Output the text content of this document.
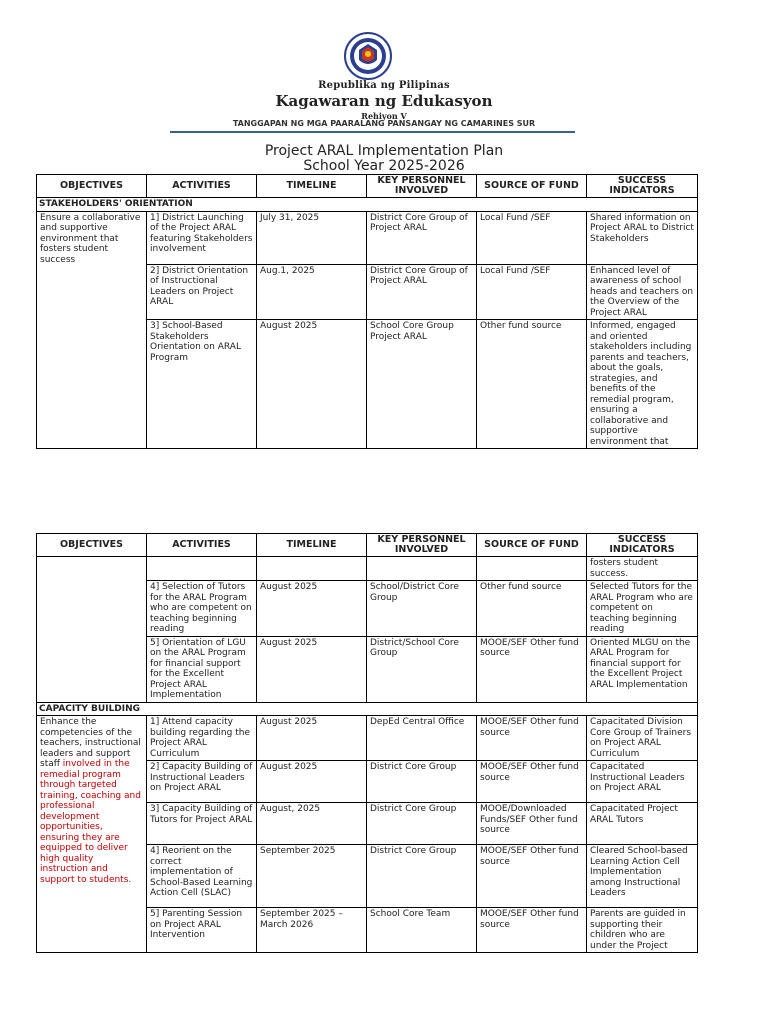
Republika ng Pilipinas
Kagawaran ng Edukasyon
Rehiyon V
TANGGAPAN NG MGA PAARALANG PANSANGAY NG CAMARINES SUR
Project ARAL Implementation Plan
School Year 2025-2026
OBJECTIVES	ACTIVITIES	TIMELINE	KEY PERSONNEL INVOLVED	SOURCE OF FUND	SUCCESS INDICATORS
STAKEHOLDERS' ORIENTATION					
Ensure a collaborative and supportive environment that fosters student success	1] District Launching of the Project ARAL featuring Stakeholders involvement	July 31, 2025	District Core Group of Project ARAL	Local Fund /SEF	Shared information on Project ARAL to District Stakeholders
	2] District Orientation of Instructional Leaders on Project ARAL	Aug.1, 2025	District Core Group of Project ARAL	Local Fund /SEF	Enhanced level of awareness of school heads and teachers on the Overview of the Project ARAL
	3] School-Based Stakeholders Orientation on ARAL Program	August 2025	School Core Group Project ARAL	Other fund source	Informed, engaged and oriented stakeholders including parents and teachers, about the goals, strategies, and benefits of the remedial program, ensuring a collaborative and supportive environment that
OBJECTIVES	ACTIVITIES	TIMELINE	KEY PERSONNEL INVOLVED	SOURCE OF FUND	SUCCESS INDICATORS
					fosters student success.
	4] Selection of Tutors for the ARAL Program who are competent on teaching beginning reading	August 2025	School/District Core Group	Other fund source	Selected Tutors for the ARAL Program who are competent on teaching beginning reading
	5] Orientation of LGU on the ARAL Program for financial support for the Excellent Project ARAL Implementation	August 2025	District/School Core Group	MOOE/SEF Other fund source	Oriented MLGU on the ARAL Program for financial support for the Excellent Project ARAL Implementation
CAPACITY BUILDING					
Enhance the competencies of the teachers, instructional leaders and support staff involved in the remedial program through targeted training, coaching and professional development opportunities, ensuring they are equipped to deliver high quality instruction and support to students.	1] Attend capacity building regarding the Project ARAL Curriculum	August 2025	DepEd Central Office	MOOE/SEF Other fund source	Capacitated Division Core Group of Trainers on Project ARAL Curriculum
	2] Capacity Building of Instructional Leaders on Project ARAL	August 2025	District Core Group	MOOE/SEF Other fund source	Capacitated Instructional Leaders on Project ARAL
	3] Capacity Building of Tutors for Project ARAL	August, 2025	District Core Group	MOOE/Downloaded Funds/SEF Other fund source	Capacitated Project ARAL Tutors
	4] Reorient on the correct implementation of School-Based Learning Action Cell (SLAC)	September 2025	District Core Group	MOOE/SEF Other fund source	Cleared School-based Learning Action Cell Implementation among Instructional Leaders
	5] Parenting Session on Project ARAL Intervention	September 2025 – March 2026	School Core Team	MOOE/SEF Other fund source	Parents are guided in supporting their children who are under the Project
